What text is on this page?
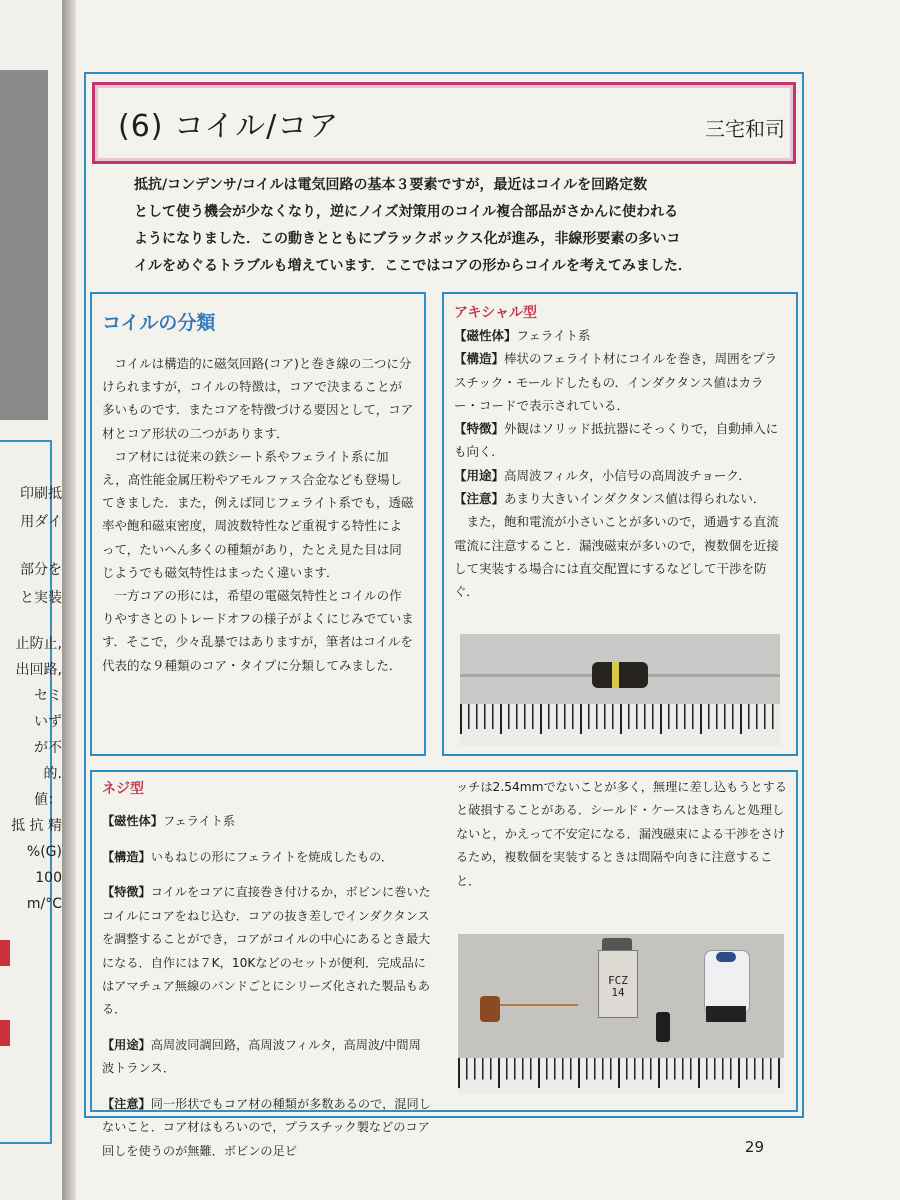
印刷抵
用ダイ
部分を
と実装
止防止,
出回路,
セミ
いず
が不
的.
値：
抵 抗 精
%(G)
100
m/°C
(6) コイル/コア	三宅和司

抵抗/コンデンサ/コイルは電気回路の基本３要素ですが，最近はコイルを回路定数

として使う機会が少なくなり，逆にノイズ対策用のコイル複合部品がさかんに使われる

ようになりました．この動きとともにブラックボックス化が進み，非線形要素の多いコ

イルをめぐるトラブルも増えています．ここではコアの形からコイルを考えてみました．

コイルの分類

コイルは構造的に磁気回路(コア)と巻き線の二つに分けられますが，コイルの特徴は，コアで決まることが多いものです．またコアを特徴づける要因として，コア材とコア形状の二つがあります．

コア材には従来の鉄シート系やフェライト系に加え，高性能金属圧粉やアモルファス合金なども登場してきました．また，例えば同じフェライト系でも，透磁率や飽和磁束密度，周波数特性など重視する特性によって，たいへん多くの種類があり，たとえ見た目は同じようでも磁気特性はまったく違います．

一方コアの形には，希望の電磁気特性とコイルの作りやすさとのトレードオフの様子がよくにじみでています．そこで，少々乱暴ではありますが，筆者はコイルを代表的な９種類のコア・タイプに分類してみました．

アキシャル型

【磁性体】フェライト系

【構造】棒状のフェライト材にコイルを巻き，周囲をプラスチック・モールドしたもの．インダクタンス値はカラー・コードで表示されている．

【特徴】外観はソリッド抵抗器にそっくりで，自動挿入にも向く．

【用途】高周波フィルタ，小信号の高周波チョーク．

【注意】あまり大きいインダクタンス値は得られない．

また，飽和電流が小さいことが多いので，通過する直流電流に注意すること．漏洩磁束が多いので，複数個を近接して実装する場合には直交配置にするなどして干渉を防ぐ．

ネジ型

【磁性体】フェライト系

【構造】いもねじの形にフェライトを焼成したもの．

【特徴】コイルをコアに直接巻き付けるか，ボビンに巻いたコイルにコアをねじ込む．コアの抜き差しでインダクタンスを調整することができ，コアがコイルの中心にあるとき最大になる．自作には７K，10Kなどのセットが便利．完成品にはアマチュア無線のバンドごとにシリーズ化された製品もある．

【用途】高周波同調回路，高周波フィルタ，高周波/中間周波トランス．

【注意】同一形状でもコア材の種類が多数あるので，混同しないこと．コア材はもろいので，プラスチック製などのコア回しを使うのが無難．ボビンの足ピ

ッチは2.54mmでないことが多く，無理に差し込もうとすると破損することがある．シールド・ケースはきちんと処理しないと，かえって不安定になる．漏洩磁束による干渉をさけるため，複数個を実装するときは間隔や向きに注意すること．

FCZ
14
29
